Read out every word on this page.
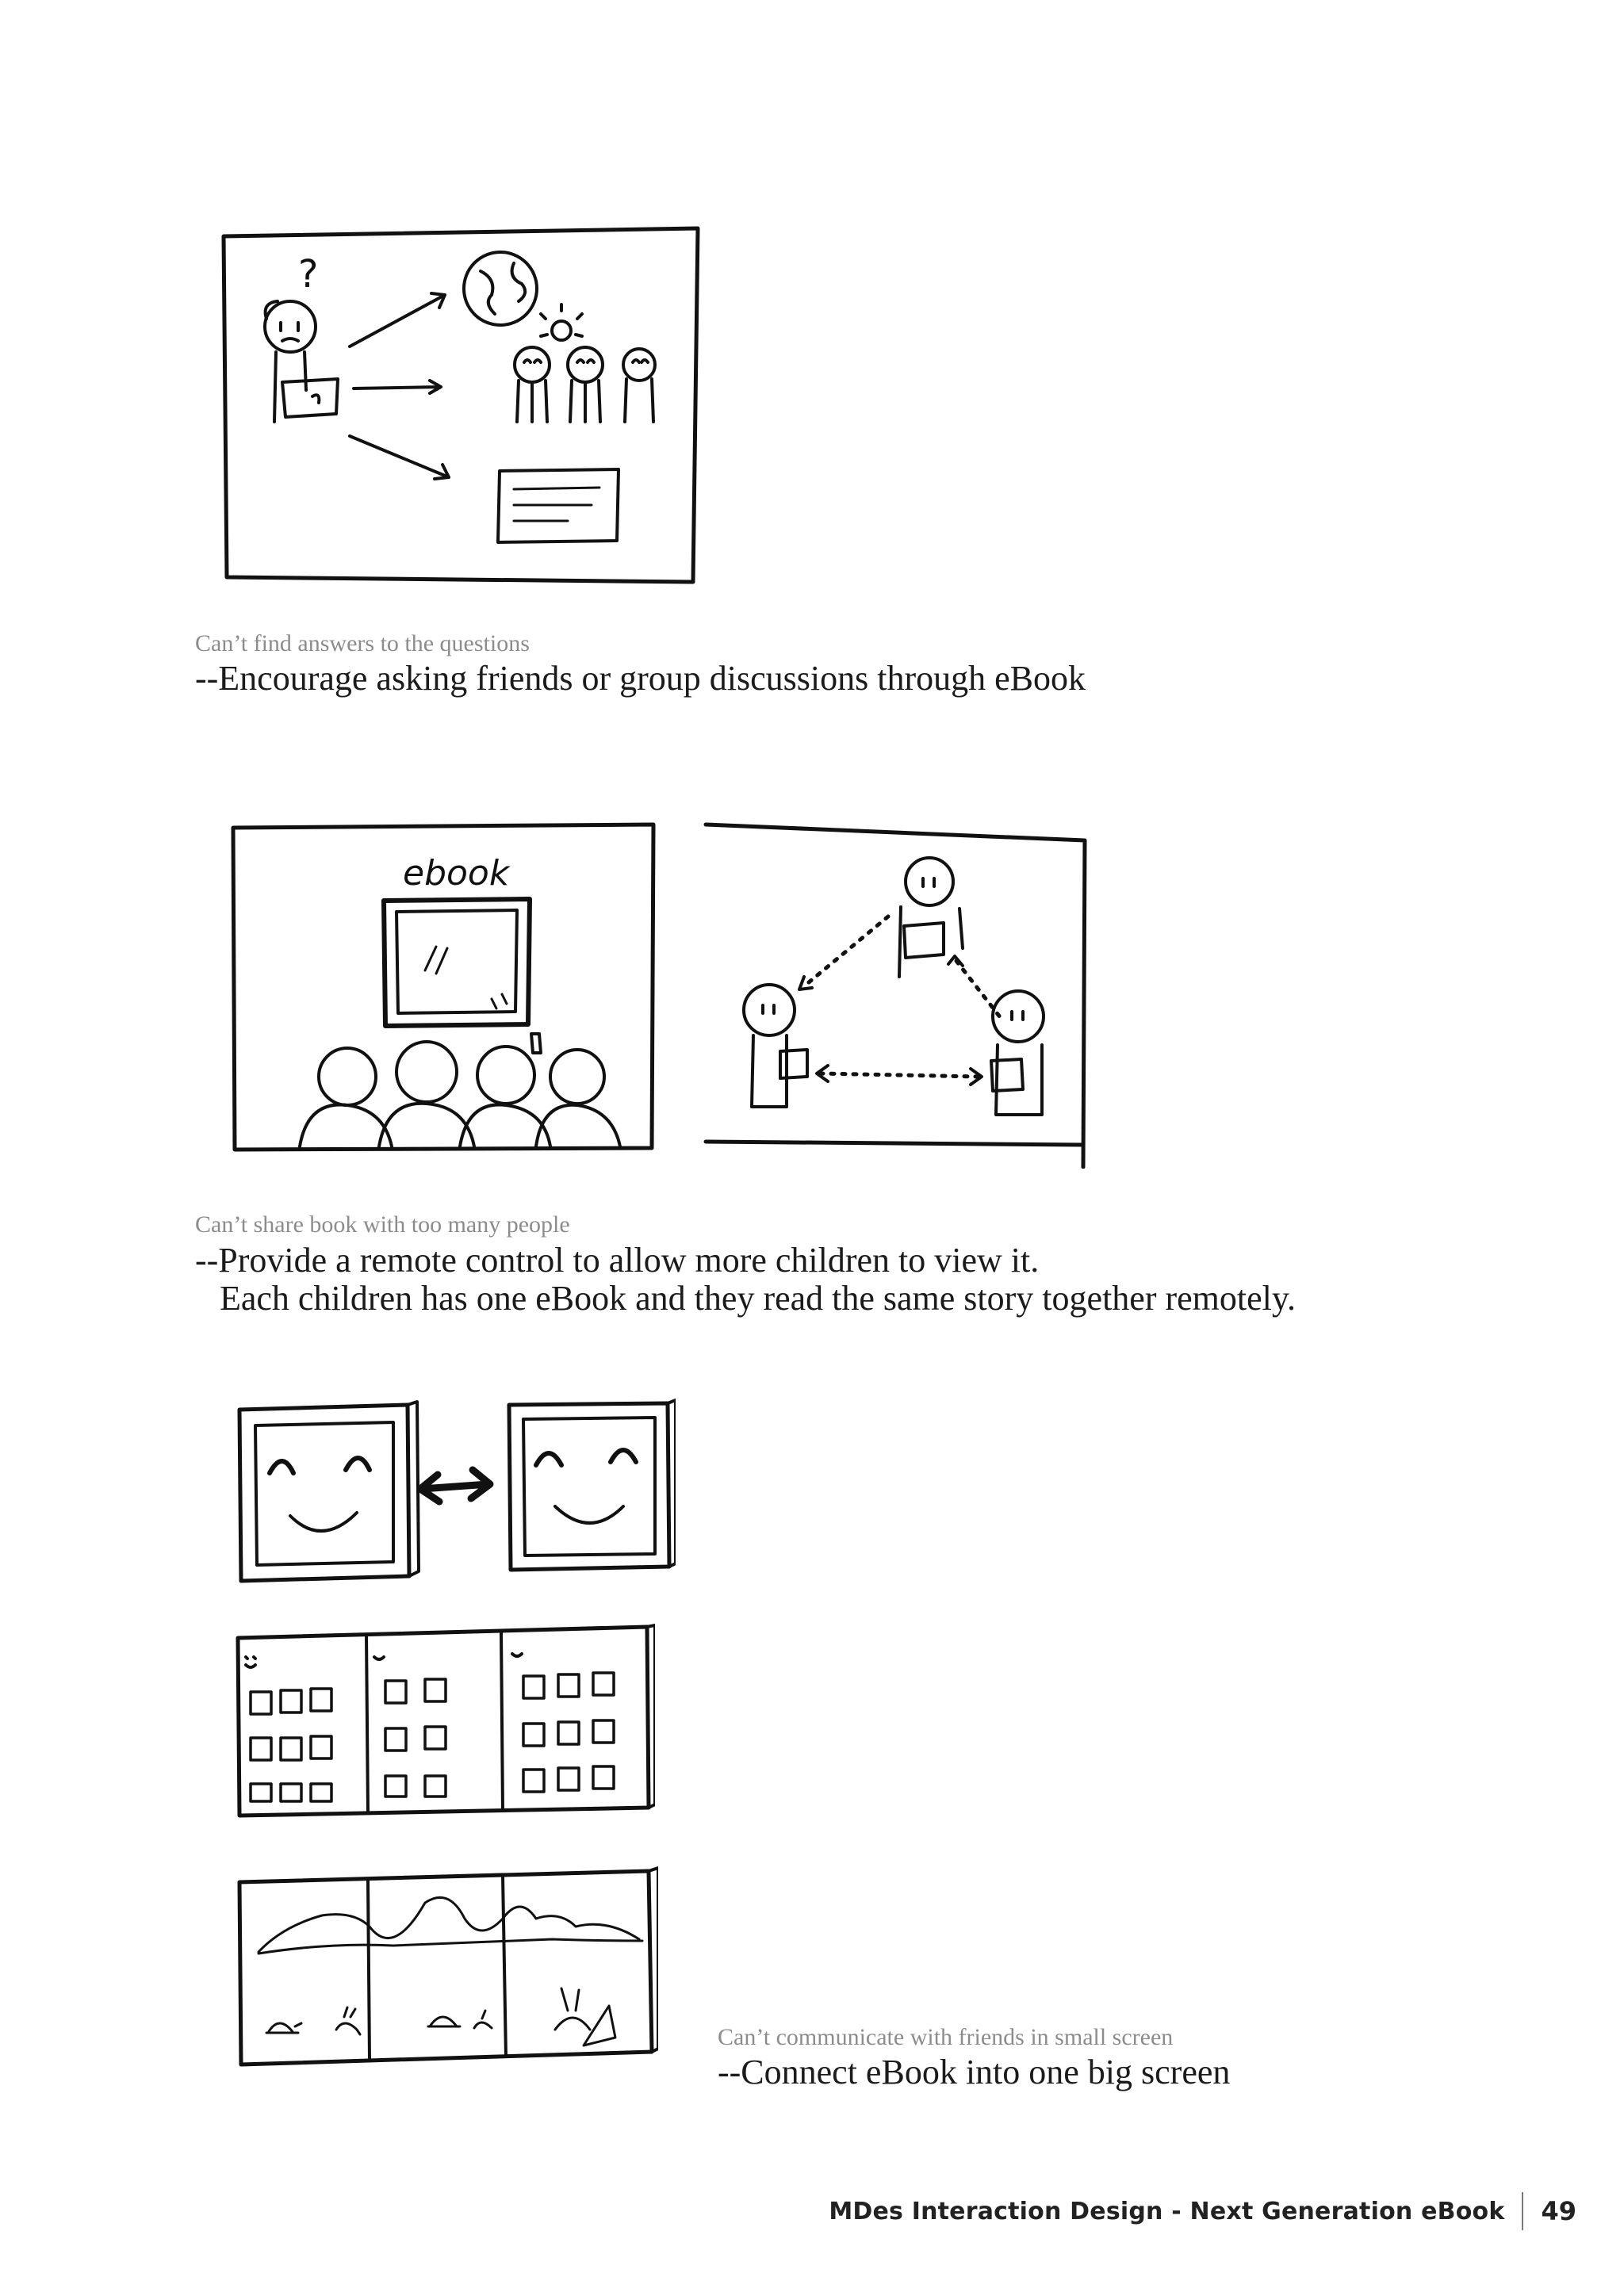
?
Can’t find answers to the questions
--Encourage asking friends or group discussions through eBook
ebook
Can’t share book with too many people
--Provide a remote control to allow more children to view it.
Each children has one eBook and they read the same story together remotely.
Can’t communicate with friends in small screen
--Connect eBook into one big screen
MDes Interaction Design - Next Generation eBook 49
